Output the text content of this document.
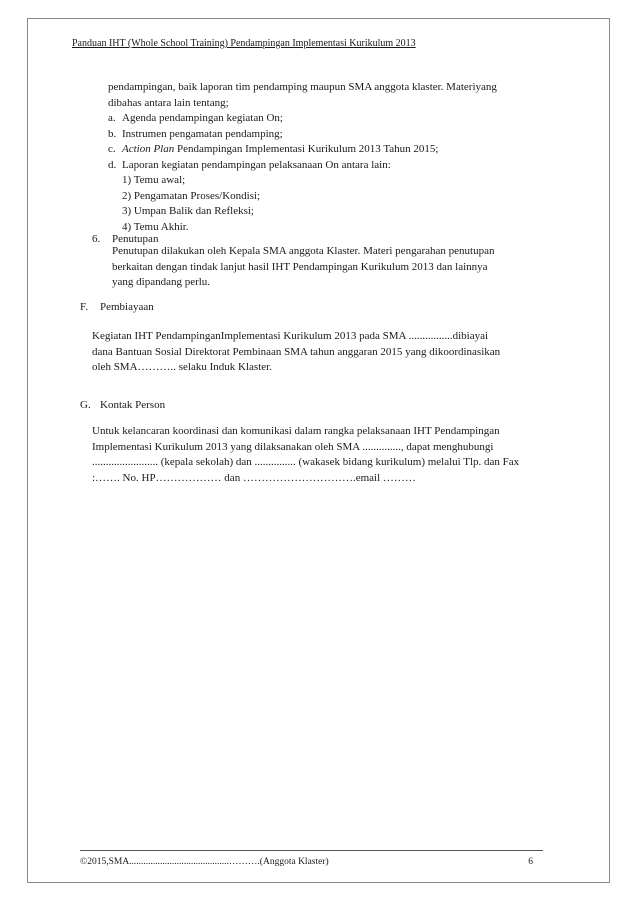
Panduan IHT (Whole School Training) Pendampingan Implementasi Kurikulum 2013
pendampingan, baik laporan tim pendamping maupun SMA anggota klaster. Materiyang
dibahas antara lain tentang;
a. Agenda pendampingan kegiatan On;
b. Instrumen pengamatan pendamping;
c. Action Plan Pendampingan Implementasi Kurikulum 2013 Tahun 2015;
d. Laporan kegiatan pendampingan pelaksanaan On antara lain:
1) Temu awal;
2) Pengamatan Proses/Kondisi;
3) Umpan Balik dan Refleksi;
4) Temu Akhir.
6. Penutupan
Penutupan dilakukan oleh Kepala SMA anggota Klaster. Materi pengarahan penutupan
berkaitan dengan tindak lanjut hasil IHT Pendampingan Kurikulum 2013 dan lainnya
yang dipandang perlu.
F. Pembiayaan
Kegiatan IHT PendampinganImplementasi Kurikulum 2013 pada SMA ................dibiayai
dana Bantuan Sosial Direktorat Pembinaan SMA tahun anggaran 2015 yang dikoordinasikan
oleh SMA……….. selaku Induk Klaster.
G. Kontak Person
Untuk kelancaran koordinasi dan komunikasi dalam rangka pelaksanaan IHT Pendampingan
Implementasi Kurikulum 2013 yang dilaksanakan oleh SMA .............., dapat menghubungi
........................ (kepala sekolah) dan ............... (wakasek bidang kurikulum) melalui Tlp. dan Fax
:……. No. HP……………… dan ………………………….email ………
©2015,SMA..........................................……….(Anggota Klaster)	6
